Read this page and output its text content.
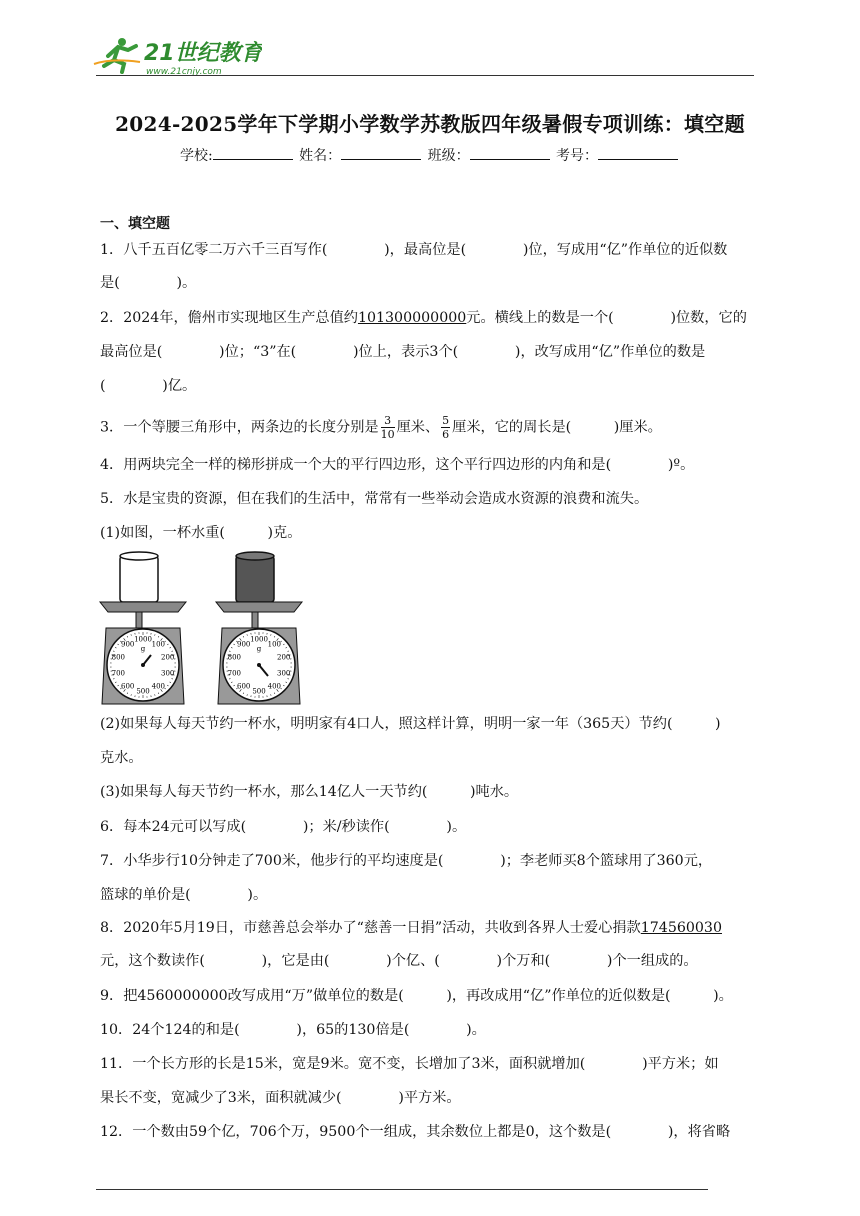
21世纪教育
www.21cnjy.com
2024-2025学年下学期小学数学苏教版四年级暑假专项训练：填空题
学校:	姓名：	班级：	考号：
一、填空题
1．八千五百亿零二万六千三百写作(　　　　)，最高位是(　　　　)位，写成用“亿”作单位的近似数
是(　　　　)。
2．2024年，儋州市实现地区生产总值约101300000000元。横线上的数是一个(　　　　)位数，它的
最高位是(　　　　)位；“3”在(　　　　)位上，表示3个(　　　　)，改写成用“亿”作单位的数是
(　　　　)亿。
3．一个等腰三角形中，两条边的长度分别是 $\frac{3}{10}$ 厘米、 $\frac{5}{6}$ 厘米，它的周长是(　　　)厘米。
4．用两块完全一样的梯形拼成一个大的平行四边形，这个平行四边形的内角和是(　　　　)º。
5．水是宝贵的资源，但在我们的生活中，常常有一些举动会造成水资源的浪费和流失。
(1)如图，一杯水重(　　　)克。
1000
100
200
300
400
500
600
700
800
900
g
1000
100
200
300
400
500
600
700
800
900
g
(2)如果每人每天节约一杯水，明明家有4口人，照这样计算，明明一家一年（365天）节约(　　　)
克水。
(3)如果每人每天节约一杯水，那么14亿人一天节约(　　　)吨水。
6．每本24元可以写成(　　　　)；米/秒读作(　　　　)。
7．小华步行10分钟走了700米，他步行的平均速度是(　　　　)；李老师买8个篮球用了360元，
篮球的单价是(　　　　)。
8．2020年5月19日，市慈善总会举办了“慈善一日捐”活动，共收到各界人士爱心捐款174560030
元，这个数读作(　　　　)，它是由(　　　　)个亿、(　　　　)个万和(　　　　)个一组成的。
9．把4560000000改写成用“万”做单位的数是(　　　)，再改成用“亿”作单位的近似数是(　　　)。
10．24个124的和是(　　　　)，65的130倍是(　　　　)。
11．一个长方形的长是15米，宽是9米。宽不变，长增加了3米，面积就增加(　　　　)平方米；如
果长不变，宽减少了3米，面积就减少(　　　　)平方米。
12．一个数由59个亿，706个万，9500个一组成，其余数位上都是0，这个数是(　　　　)，将省略
